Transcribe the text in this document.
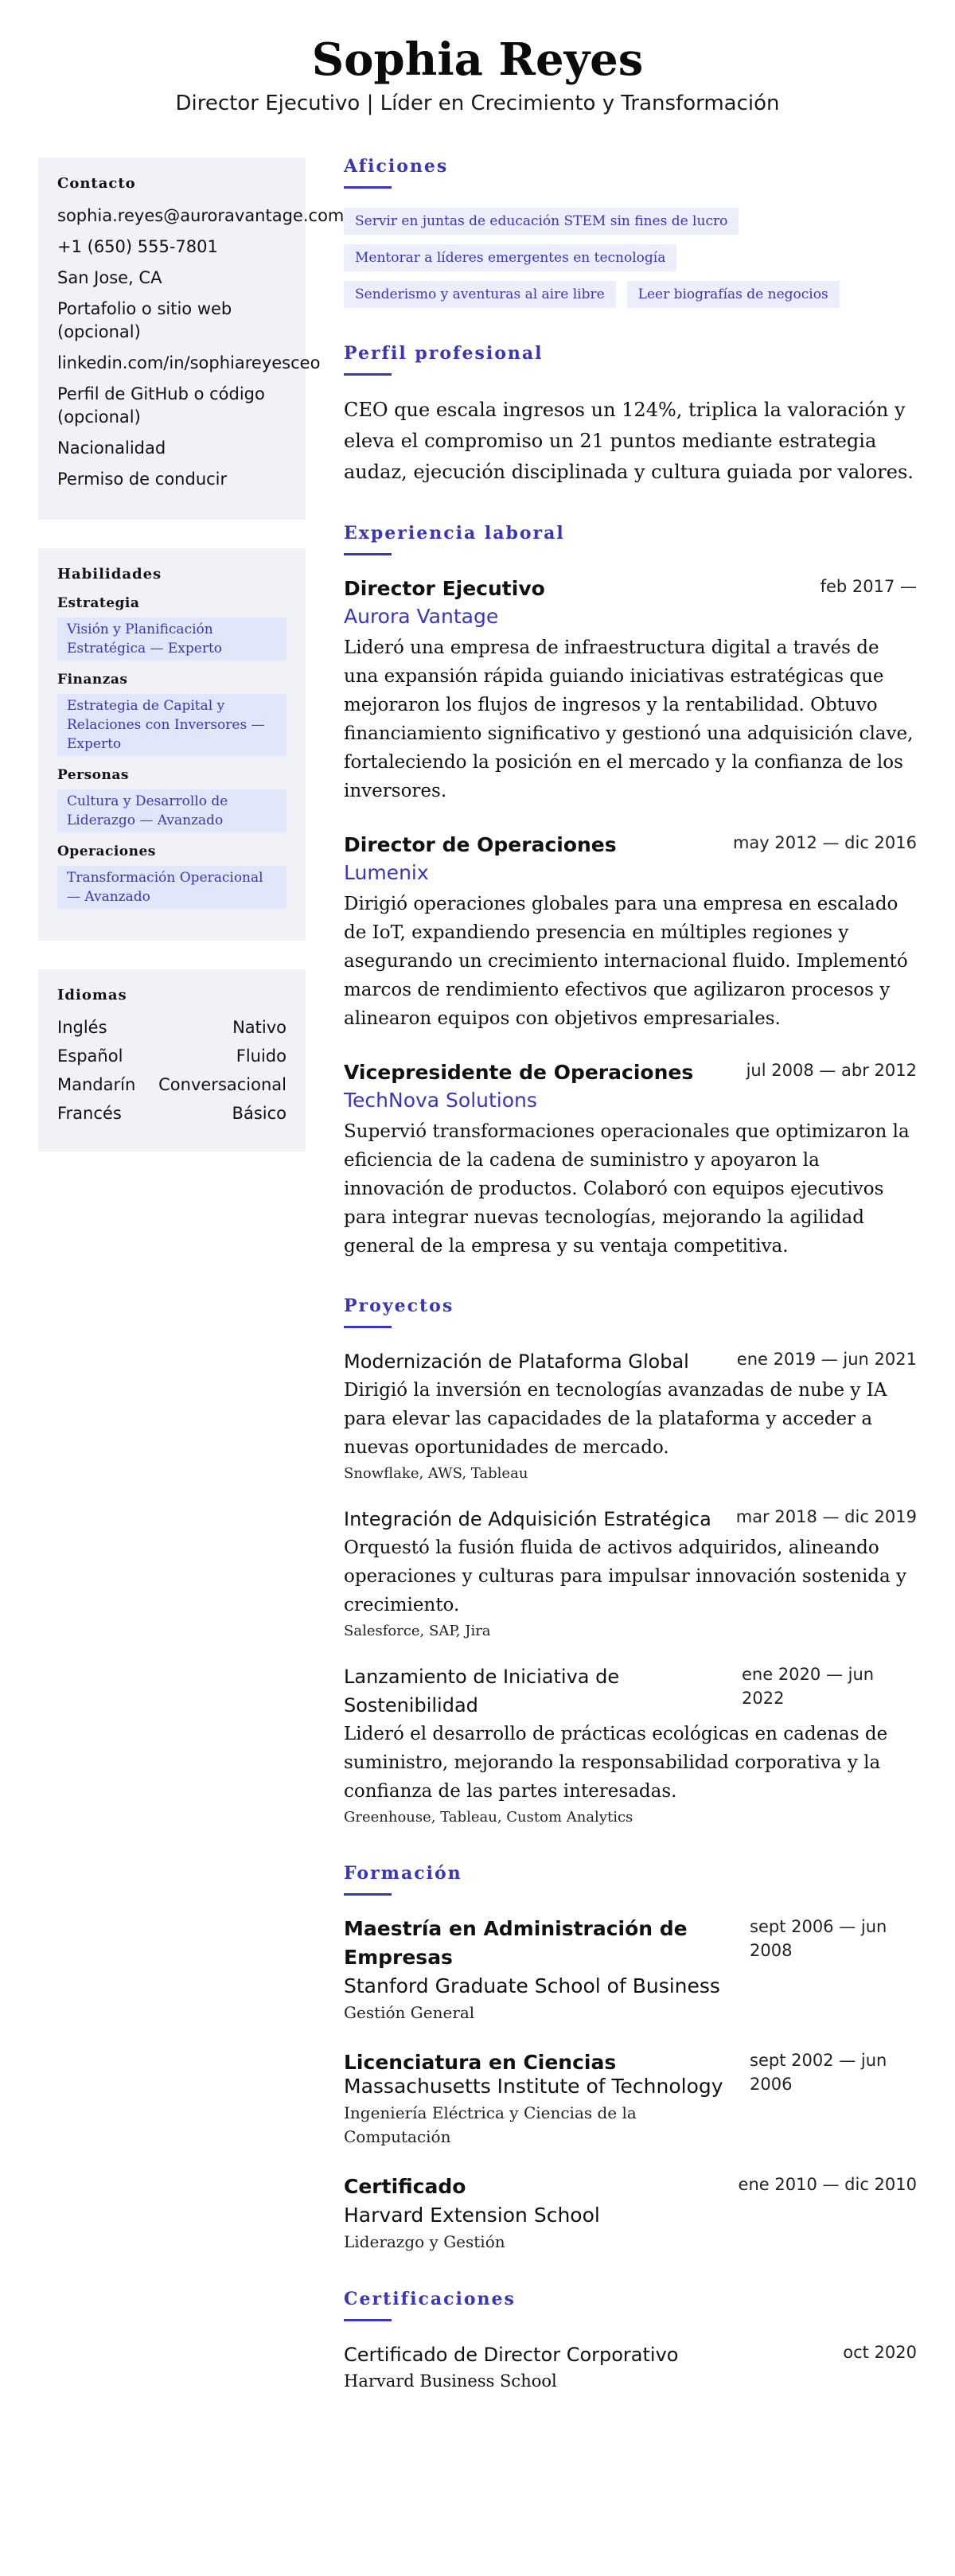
Sophia Reyes
Director Ejecutivo | Líder en Crecimiento y Transformación
Contacto
sophia.reyes@auroravantage.com
+1 (650) 555-7801
San Jose, CA
Portafolio o sitio web (opcional)
linkedin.com/in/sophiareyesceo
Perfil de GitHub o código (opcional)
Nacionalidad
Permiso de conducir
Habilidades
Estrategia
Visión y Planificación Estratégica — Experto
Finanzas
Estrategia de Capital y Relaciones con Inversores — Experto
Personas
Cultura y Desarrollo de Liderazgo — Avanzado
Operaciones
Transformación Operacional — Avanzado
Idiomas
Inglés	Nativo
Español	Fluido
Mandarín Conversacional
Francés	Básico
Aficiones
Servir en juntas de educación STEM sin fines de lucro
Mentorar a líderes emergentes en tecnología
Senderismo y aventuras al aire libre	Leer biografías de negocios
Perfil profesional
CEO que escala ingresos un 124%, triplica la valoración y eleva el compromiso un 21 puntos mediante estrategia audaz, ejecución disciplinada y cultura guiada por valores.
Experiencia laboral
Director Ejecutivo	feb 2017 —
Aurora Vantage
Lideró una empresa de infraestructura digital a través de una expansión rápida guiando iniciativas estratégicas que mejoraron los flujos de ingresos y la rentabilidad. Obtuvo financiamiento significativo y gestionó una adquisición clave, fortaleciendo la posición en el mercado y la confianza de los inversores.
Director de Operaciones	may 2012 — dic 2016
Lumenix
Dirigió operaciones globales para una empresa en escalado de IoT, expandiendo presencia en múltiples regiones y asegurando un crecimiento internacional fluido. Implementó marcos de rendimiento efectivos que agilizaron procesos y alinearon equipos con objetivos empresariales.
Vicepresidente de Operaciones	jul 2008 — abr 2012
TechNova Solutions
Supervió transformaciones operacionales que optimizaron la eficiencia de la cadena de suministro y apoyaron la innovación de productos. Colaboró con equipos ejecutivos para integrar nuevas tecnologías, mejorando la agilidad general de la empresa y su ventaja competitiva.
Proyectos
Modernización de Plataforma Global	ene 2019 — jun 2021
Dirigió la inversión en tecnologías avanzadas de nube y IA para elevar las capacidades de la plataforma y acceder a nuevas oportunidades de mercado.
Snowflake, AWS, Tableau
Integración de Adquisición Estratégica mar 2018 — dic 2019
Orquestó la fusión fluida de activos adquiridos, alineando operaciones y culturas para impulsar innovación sostenida y crecimiento.
Salesforce, SAP, Jira
Lanzamiento de Iniciativa de Sostenibilidad
ene 2020 — jun 2022
Lideró el desarrollo de prácticas ecológicas en cadenas de suministro, mejorando la responsabilidad corporativa y la confianza de las partes interesadas.
Greenhouse, Tableau, Custom Analytics
Formación
Maestría en Administración de Empresas
sept 2006 — jun 2008
Stanford Graduate School of Business
Gestión General
Licenciatura en Ciencias	sept 2002 — jun 2006
Massachusetts Institute of Technology
Ingeniería Eléctrica y Ciencias de la Computación
Certificado	ene 2010 — dic 2010
Harvard Extension School
Liderazgo y Gestión
Certificaciones
Certificado de Director Corporativo	oct 2020
Harvard Business School
